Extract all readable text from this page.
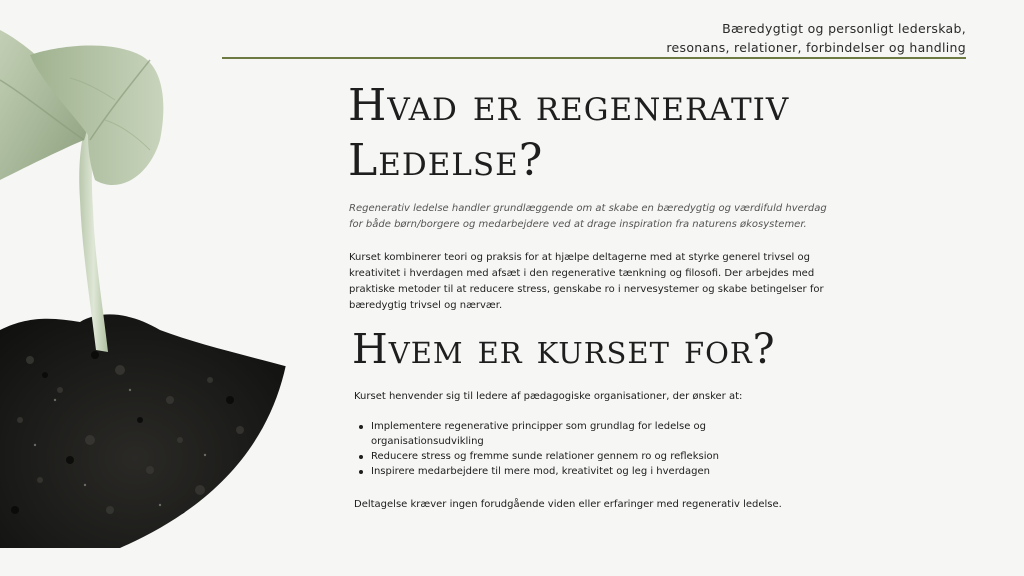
Bæredygtigt og personligt lederskab,
resonans, relationer, forbindelser og handling
Hvad er regenerativ
Ledelse?

Regenerativ ledelse handler grundlæggende om at skabe en bæredygtig og værdifuld hverdag for både børn/borgere og medarbejdere ved at drage inspiration fra naturens økosystemer.

Kurset kombinerer teori og praksis for at hjælpe deltagerne med at styrke generel trivsel og kreativitet i hverdagen med afsæt i den regenerative tænkning og filosofi. Der arbejdes med praktiske metoder til at reducere stress, genskabe ro i nervesystemer og skabe betingelser for bæredygtig trivsel og nærvær.

Hvem er kurset for?

Kurset henvender sig til ledere af pædagogiske organisationer, der ønsker at:

Implementere regenerative principper som grundlag for ledelse og organisationsudvikling
Reducere stress og fremme sunde relationer gennem ro og refleksion
Inspirere medarbejdere til mere mod, kreativitet og leg i hverdagen

Deltagelse kræver ingen forudgående viden eller erfaringer med regenerativ ledelse.
